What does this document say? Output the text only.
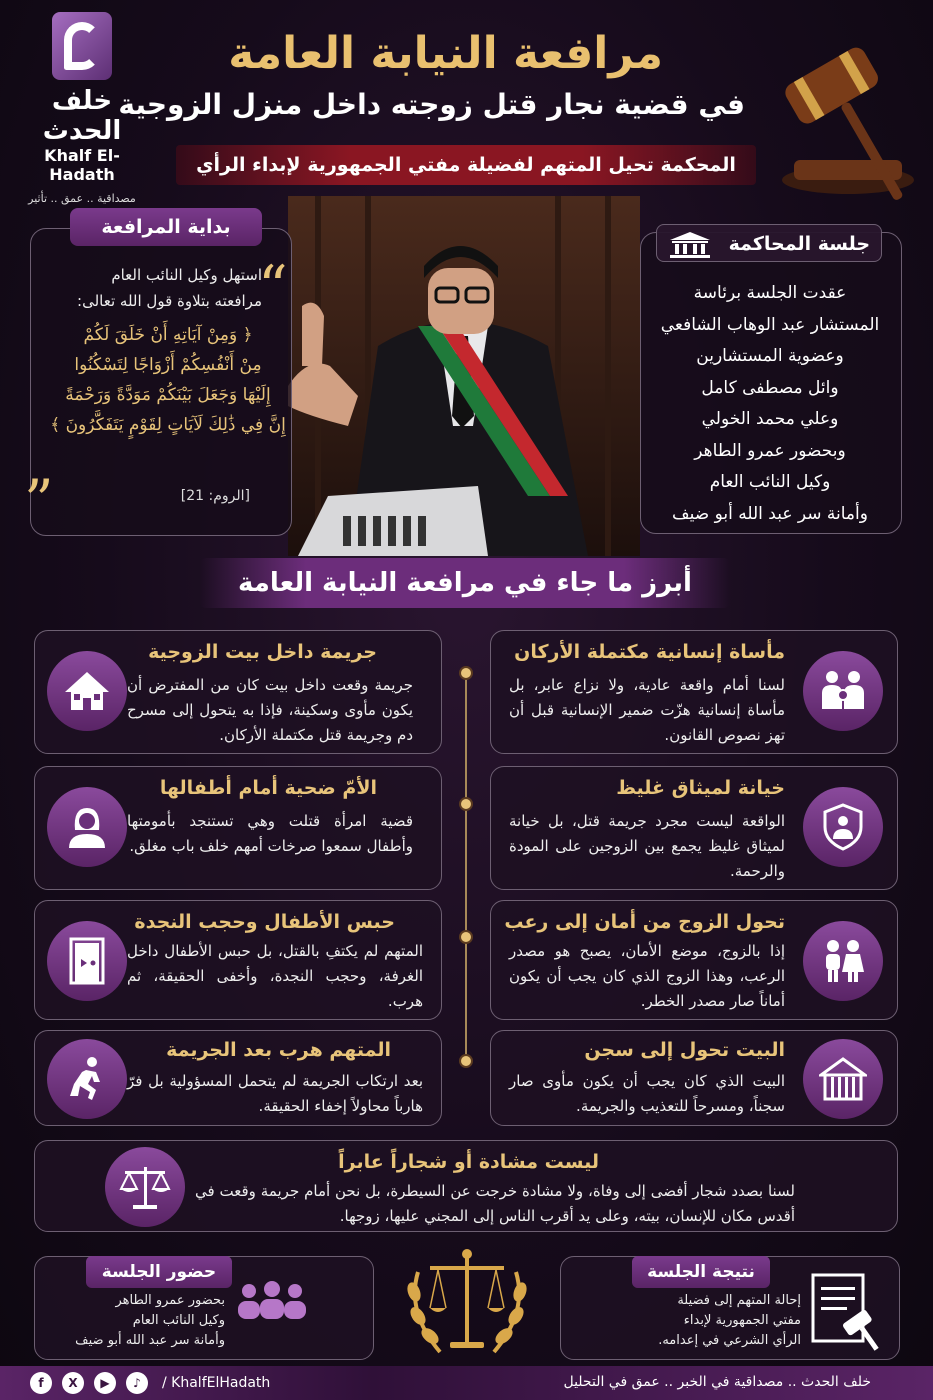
خلف الحدث
Khalf El-Hadath
مصداقية .. عمق .. تأثير
مرافعة النيابة العامة
في قضية نجار قتل زوجته داخل منزل الزوجية
المحكمة تحيل المتهم لفضيلة مفتي الجمهورية لإبداء الرأي
بداية المرافعة
“
استهل وكيل النائب العام
مرافعته بتلاوة قول الله تعالى:
﴿ وَمِنْ آيَاتِهِ أَنْ خَلَقَ لَكُمْ
مِنْ أَنْفُسِكُمْ أَزْوَاجًا لِتَسْكُنُوا
إِلَيْهَا وَجَعَلَ بَيْنَكُمْ مَوَدَّةً وَرَحْمَةً
إِنَّ فِي ذَٰلِكَ لَآيَاتٍ لِقَوْمٍ يَتَفَكَّرُونَ ﴾
”	[الروم: 21]
جلسة المحاكمة
عقدت الجلسة برئاسة
المستشار عبد الوهاب الشافعي
وعضوية المستشارين
وائل مصطفى كامل
وعلي محمد الخولي
وبحضور عمرو الطاهر
وكيل النائب العام
وأمانة سر عبد الله أبو ضيف
أبرز ما جاء في مرافعة النيابة العامة
مأساة إنسانية مكتملة الأركان
لسنا أمام واقعة عادية، ولا نزاع عابر، بل مأساة إنسانية هزّت ضمير الإنسانية قبل أن تهز نصوص القانون.
جريمة داخل بيت الزوجية
جريمة وقعت داخل بيت كان من المفترض أن يكون مأوى وسكينة، فإذا به يتحول إلى مسرح دم وجريمة قتل مكتملة الأركان.
خيانة لميثاق غليظ
الواقعة ليست مجرد جريمة قتل، بل خيانة لميثاق غليظ يجمع بين الزوجين على المودة والرحمة.
الأمّ ضحية أمام أطفالها
قضية امرأة قتلت وهي تستنجد بأمومتها وأطفال سمعوا صرخات أمهم خلف باب مغلق.
تحول الزوج من أمان إلى رعب
إذا بالزوج، موضع الأمان، يصبح هو مصدر الرعب، وهذا الزوج الذي كان يجب أن يكون أماناً صار مصدر الخطر.
حبس الأطفال وحجب النجدة
المتهم لم يكتفِ بالقتل، بل حبس الأطفال داخل الغرفة، وحجب النجدة، وأخفى الحقيقة، ثم هرب.
البيت تحول إلى سجن
البيت الذي كان يجب أن يكون مأوى صار سجناً، ومسرحاً للتعذيب والجريمة.
المتهم هرب بعد الجريمة
بعد ارتكاب الجريمة لم يتحمل المسؤولية بل فرّ هارباً محاولاً إخفاء الحقيقة.
ليست مشادة أو شجاراً عابراً
لسنا بصدد شجار أفضى إلى وفاة، ولا مشادة خرجت عن السيطرة، بل نحن أمام جريمة وقعت في أقدس مكان للإنسان، بيته، وعلى يد أقرب الناس إلى المجني عليها، زوجها.
بحضور عمرو الطاهر
وكيل النائب العام
وأمانة سر عبد الله أبو ضيف
حضور الجلسة
إحالة المتهم إلى فضيلة
مفتي الجمهورية لإبداء
الرأي الشرعي في إعدامه.
نتيجة الجلسة
خلف الحدث .. مصداقية في الخبر .. عمق في التحليل
f	X	▶	♪	/ KhalfElHadath
